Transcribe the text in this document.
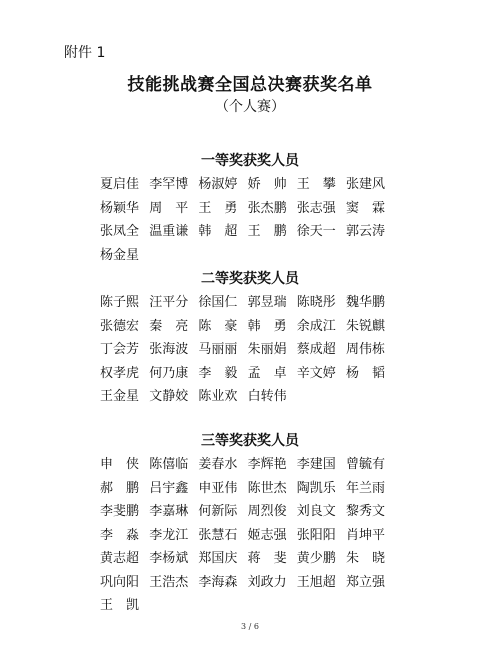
附件 1
技能挑战赛全国总决赛获奖名单
（个人赛）
一等奖获奖人员
夏启佳 李罕博 杨淑婷 娇　帅 王　攀 张建风
杨颖华 周　平 王　勇 张杰鹏 张志强 窦　霖
张凤全 温重谦 韩　超 王　鹏 徐天一 郭云涛
杨金星
二等奖获奖人员
陈子熙 汪平分 徐国仁 郭昱瑞 陈晓彤 魏华鹏
张德宏 秦　亮 陈　豪 韩　勇 余成江 朱锐麒
丁会芳 张海波 马丽丽 朱丽娟 蔡成超 周伟栋
权孝虎 何乃康 李　毅 孟　卓 辛文婷 杨　韬
王金星 文静姣 陈业欢 白转伟
三等奖获奖人员
申　侠 陈僖临 姜春水 李辉艳 李建国 曾毓有
郝　鹏 吕宇鑫 申亚伟 陈世杰 陶凯乐 年兰雨
李斐鹏 李嘉琳 何新际 周烈俊 刘良文 黎秀文
李　淼 李龙江 张慧石 姬志强 张阳阳 肖坤平
黄志超 李杨斌 郑国庆 蒋　斐 黄少鹏 朱　晓
巩向阳 王浩杰 李海森 刘政力 王旭超 郑立强
王　凯
3 / 6
